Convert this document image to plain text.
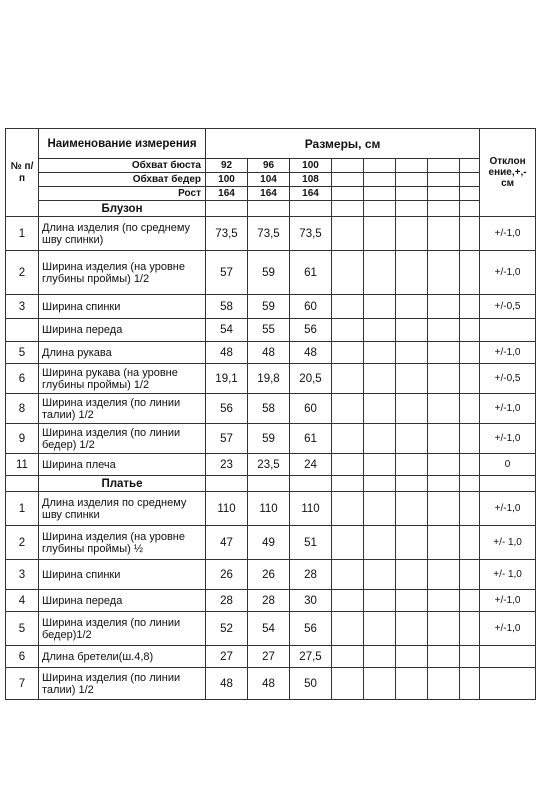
№ п/п	Наименование измерения	Размеры, см								Отклон ение,+,- см
	Обхват бюста	92	96	100						
	Обхват бедер	100	104	108						
	Рост	164	164	164						
	Блузон									
1	Длина изделия (по среднему шву спинки)	73,5	73,5	73,5						+/-1,0
2	Ширина изделия (на уровне глубины проймы) 1/2	57	59	61						+/-1,0
3	Ширина спинки	58	59	60						+/-0,5
	Ширина переда	54	55	56						
5	Длина рукава	48	48	48						+/-1,0
6	Ширина рукава (на уровне глубины проймы) 1/2	19,1	19,8	20,5						+/-0,5
8	Ширина изделия (по линии талии) 1/2	56	58	60						+/-1,0
9	Ширина изделия (по линии бедер) 1/2	57	59	61						+/-1,0
11	Ширина плеча	23	23,5	24						0
	Платье									
1	Длина изделия по среднему шву спинки	110	110	110						+/-1,0
2	Ширина изделия (на уровне глубины проймы) ½	47	49	51						+/- 1,0
3	Ширина спинки	26	26	28						+/- 1,0
4	Ширина переда	28	28	30						+/-1,0
5	Ширина изделия (по линии бедер)1/2	52	54	56						+/-1,0
6	Длина бретели(ш.4,8)	27	27	27,5						
7	Ширина изделия (по линии талии) 1/2	48	48	50						
